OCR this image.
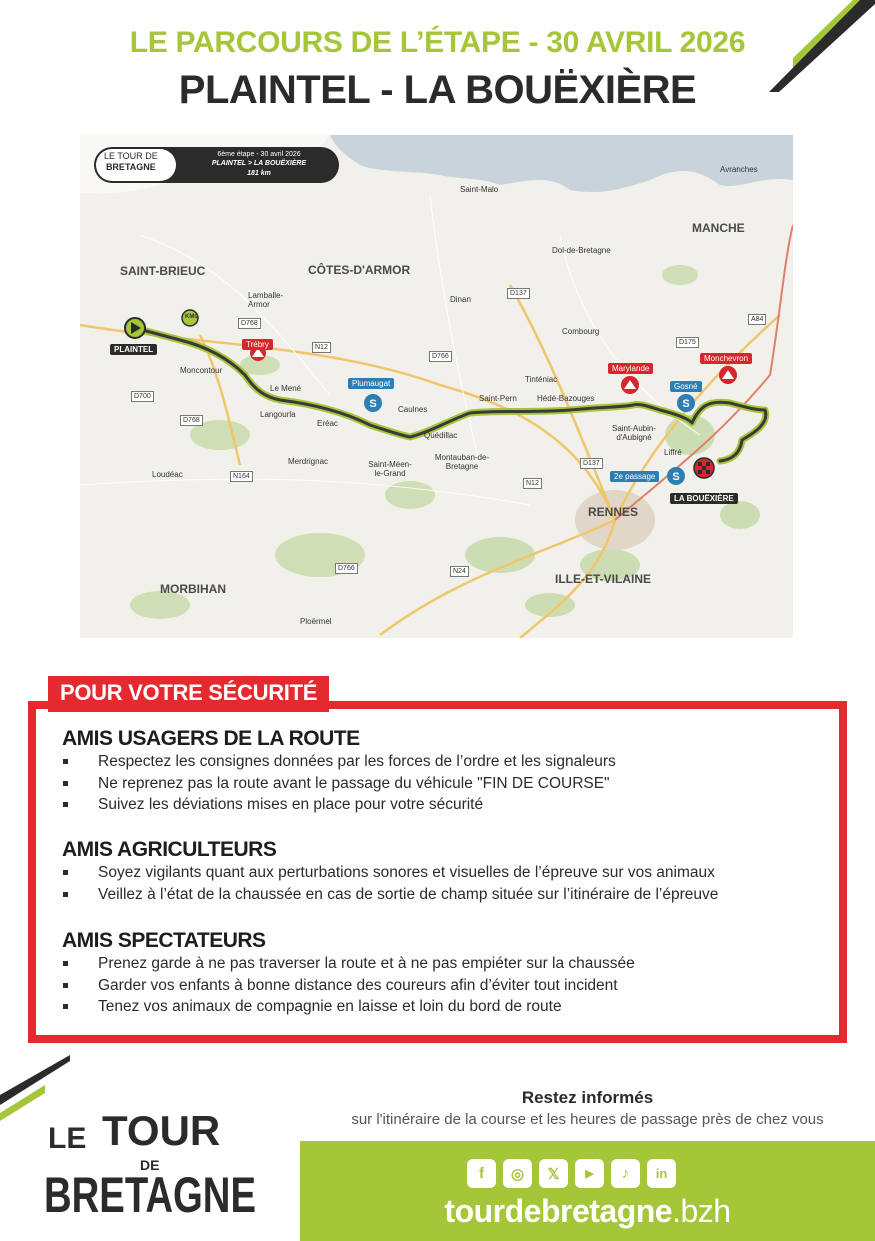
LE PARCOURS DE L’ÉTAPE - 30 AVRIL 2026
PLAINTEL - LA BOUËXIÈRE
S	S
S
LE TOUR DE
BRETAGNE
6ème étape - 30 avril 2026
PLAINTEL > LA BOUËXIÈRE
181 km
CÔTES-D'ARMOR
MANCHE
MORBIHAN
ILLE-ET-VILAINE
SAINT-BRIEUC
RENNES
Saint-Malo
Avranches
Dol-de-Bretagne
Lamballe-Armor
Dinan
Combourg
Moncontour
Le Mené
Langourla
Eréac
Caulnes
Quédillac
Saint-Pern	Hédé-Bazouges
Tinténiac
Saint-Aubin-d'Aubigné
Liffré
Merdrignac	Saint-Méen-le-Grand
Montauban-de-Bretagne
Loudéac
Ploërmel
D137
D768
N12
D766
D175
A84
D700
D768
N164
D137
N12
D766	N24
PLAINTEL
KM0
Trébry
Plumaugat
Marylande
Gosné
Monchevron
2e passage
LA BOUËXIÈRE
POUR VOTRE SÉCURITÉ
AMIS USAGERS DE LA ROUTE
Respectez les consignes données par les forces de l’ordre et les signaleurs
Ne reprenez pas la route avant le passage du véhicule "FIN DE COURSE"
Suivez les déviations mises en place pour votre sécurité
AMIS AGRICULTEURS
Soyez vigilants quant aux perturbations sonores et visuelles de l’épreuve sur vos animaux
Veillez à l’état de la chaussée en cas de sortie de champ située sur l’itinéraire de l’épreuve
AMIS SPECTATEURS
Prenez garde à ne pas traverser la route et à ne pas empiéter sur la chaussée
Garder vos enfants à bonne distance des coureurs afin d’éviter tout incident
Tenez vos animaux de compagnie en laisse et loin du bord de route
LE TOUR
DE
BRETAGNE
Restez informés
sur l'itinéraire de la course et les heures de passage près de chez vous
f	◎	𝕏	▶	♪	in
tourdebretagne.bzh
